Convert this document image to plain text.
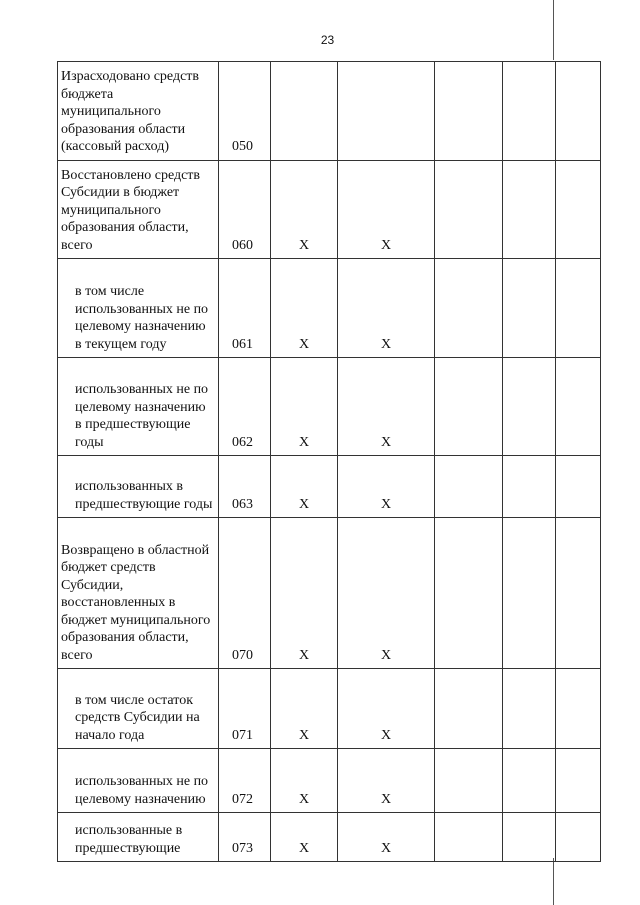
23
Израсходовано средств бюджета муниципального образования области (кассовый расход)	050					
Восстановлено средств Субсидии в бюджет муниципального образования области, всего	060	Х	Х			
в том числе использованных не по целевому назначению в текущем году	061	Х	Х			
использованных не по целевому назначению в предшествующие годы	062	Х	Х			
использованных в предшествующие годы	063	Х	Х			
Возвращено в областной бюджет средств Субсидии, восстановленных в бюджет муниципального образования области, всего	070	Х	Х			
в том числе остаток средств Субсидии на начало года	071	Х	Х			
использованных не по целевому назначению	072	Х	Х			
использованные в предшествующие	073	Х	Х			
